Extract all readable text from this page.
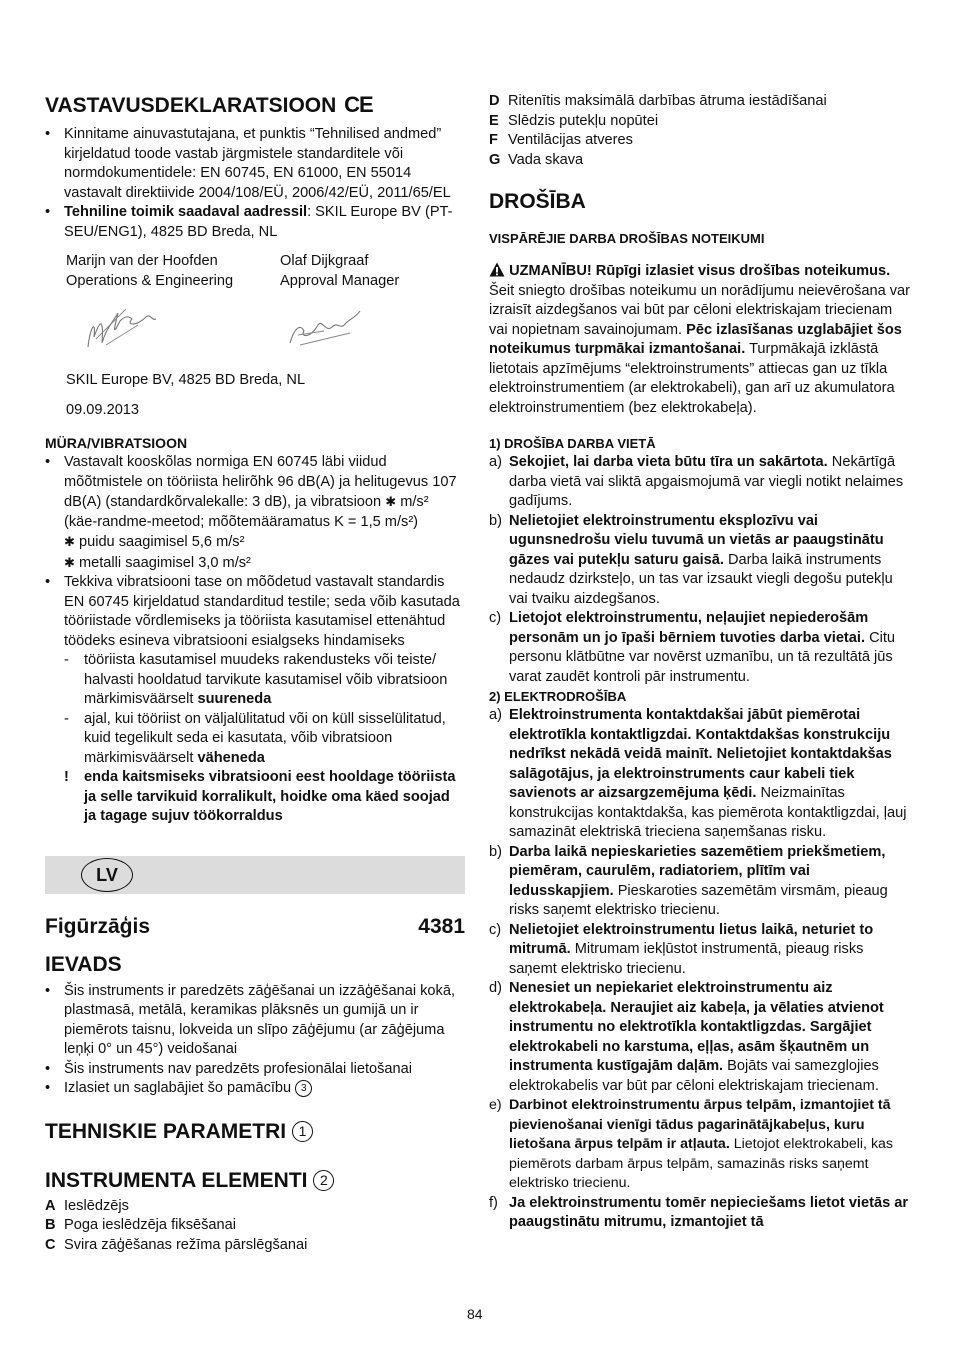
VASTAVUSDEKLARATSIOON CE
• Kinnitame ainuvastutajana, et punktis “Tehnilised andmed” kirjeldatud toode vastab järgmistele standarditele või normdokumentidele: EN 60745, EN 61000, EN 55014 vastavalt direktiivide 2004/108/EÜ, 2006/42/EÜ, 2011/65/EL
• Tehniline toimik saadaval aadressil: SKIL Europe BV (PT-SEU/ENG1), 4825 BD Breda, NL
Marijn van der Hoofden
Operations & Engineering
Olaf Dijkgraaf
Approval Manager
SKIL Europe BV, 4825 BD Breda, NL
09.09.2013
MÜRA/VIBRATSIOON
• Vastavalt kooskõlas normiga EN 60745 läbi viidud mõõtmistele on tööriista helirõhk 96 dB(A) ja helitugevus 107 dB(A) (standardkõrvalekalle: 3 dB), ja vibratsioon ✱ m/s² (käe-randme-meetod; mõõtemääramatus K = 1,5 m/s²)
✱ puidu saagimisel 5,6 m/s²
✱ metalli saagimisel 3,0 m/s²
• Tekkiva vibratsiooni tase on mõõdetud vastavalt standardis EN 60745 kirjeldatud standarditud testile; seda võib kasutada tööriistade võrdlemiseks ja tööriista kasutamisel ettenähtud töödeks esineva vibratsiooni esialgseks hindamiseks
- tööriista kasutamisel muudeks rakendusteks või teiste/ halvasti hooldatud tarvikute kasutamisel võib vibratsioon märkimisväärselt suureneda
- ajal, kui tööriist on väljalülitatud või on küll sisselülitatud, kuid tegelikult seda ei kasutata, võib vibratsioon märkimisväärselt väheneda
! enda kaitsmiseks vibratsiooni eest hooldage tööriista ja selle tarvikuid korralikult, hoidke oma käed soojad ja tagage sujuv töökorraldus
LV
Figūrzāģis	4381
IEVADS
• Šis instruments ir paredzēts zāģēšanai un izzāģēšanai kokā, plastmasā, metālā, keramikas plāksnēs un gumijā un ir piemērots taisnu, lokveida un slīpo zāģējumu (ar zāģējuma leņķi 0° un 45°) veidošanai
• Šis instruments nav paredzēts profesionālai lietošanai
• Izlasiet un saglabājiet šo pamācību 3
TEHNISKIE PARAMETRI 1
INSTRUMENTA ELEMENTI 2
A Ieslēdzējs
B Poga ieslēdzēja fiksēšanai
C Svira zāģēšanas režīma pārslēgšanai
D Ritenītis maksimālā darbības ātruma iestādīšanai
E Slēdzis putekļu nopūtei
F Ventilācijas atveres
G Vada skava
DROŠĪBA
VISPĀRĒJIE DARBA DROŠĪBAS NOTEIKUMI

UZMANĪBU! Rūpīgi izlasiet visus drošības noteikumus. Šeit sniegto drošības noteikumu un norādījumu neievērošana var izraisīt aizdegšanos vai būt par cēloni elektriskajam triecienam vai nopietnam savainojumam. Pēc izlasīšanas uzglabājiet šos noteikumus turpmākai izmantošanai. Turpmākajā izklāstā lietotais apzīmējums “elektroinstruments” attiecas gan uz tīkla elektroinstrumentiem (ar elektrokabeli), gan arī uz akumulatora elektroinstrumentiem (bez elektrokabeļa).

1) DROŠĪBA DARBA VIETĀ
a) Sekojiet, lai darba vieta būtu tīra un sakārtota. Nekārtīgā darba vietā vai sliktā apgaismojumā var viegli notikt nelaimes gadījums.
b) Nelietojiet elektroinstrumentu eksplozīvu vai ugunsnedrošu vielu tuvumā un vietās ar paaugstinātu gāzes vai putekļu saturu gaisā. Darba laikā instruments nedaudz dzirksteļo, un tas var izsaukt viegli degošu putekļu vai tvaiku aizdegšanos.
c) Lietojot elektroinstrumentu, neļaujiet nepiederošām personām un jo īpaši bērniem tuvoties darba vietai. Citu personu klātbūtne var novērst uzmanību, un tā rezultātā jūs varat zaudēt kontroli pār instrumentu.
2) ELEKTRODROŠĪBA
a) Elektroinstrumenta kontaktdakšai jābūt piemērotai elektrotīkla kontaktligzdai. Kontaktdakšas konstrukciju nedrīkst nekādā veidā mainīt. Nelietojiet kontaktdakšas salāgotājus, ja elektroinstruments caur kabeli tiek savienots ar aizsargzemējuma ķēdi. Neizmainītas konstrukcijas kontaktdakša, kas piemērota kontaktligzdai, ļauj samazināt elektriskā trieciena saņemšanas risku.
b) Darba laikā nepieskarieties sazemētiem priekšmetiem, piemēram, caurulēm, radiatoriem, plītīm vai ledusskapjiem. Pieskaroties sazemētām virsmām, pieaug risks saņemt elektrisko triecienu.
c) Nelietojiet elektroinstrumentu lietus laikā, neturiet to mitrumā. Mitrumam iekļūstot instrumentā, pieaug risks saņemt elektrisko triecienu.
d) Nenesiet un nepiekariet elektroinstrumentu aiz elektrokabeļa. Neraujiet aiz kabeļa, ja vēlaties atvienot instrumentu no elektrotīkla kontaktligzdas. Sargājiet elektrokabeli no karstuma, eļļas, asām šķautnēm un instrumenta kustīgajām daļām. Bojāts vai samezglojies elektrokabelis var būt par cēloni elektriskajam triecienam.
e) Darbinot elektroinstrumentu ārpus telpām, izmantojiet tā pievienošanai vienīgi tādus pagarinātājkabeļus, kuru lietošana ārpus telpām ir atļauta. Lietojot elektrokabeli, kas piemērots darbam ārpus telpām, samazinās risks saņemt elektrisko triecienu.
f) Ja elektroinstrumentu tomēr nepieciešams lietot vietās ar paaugstinātu mitrumu, izmantojiet tā
84
